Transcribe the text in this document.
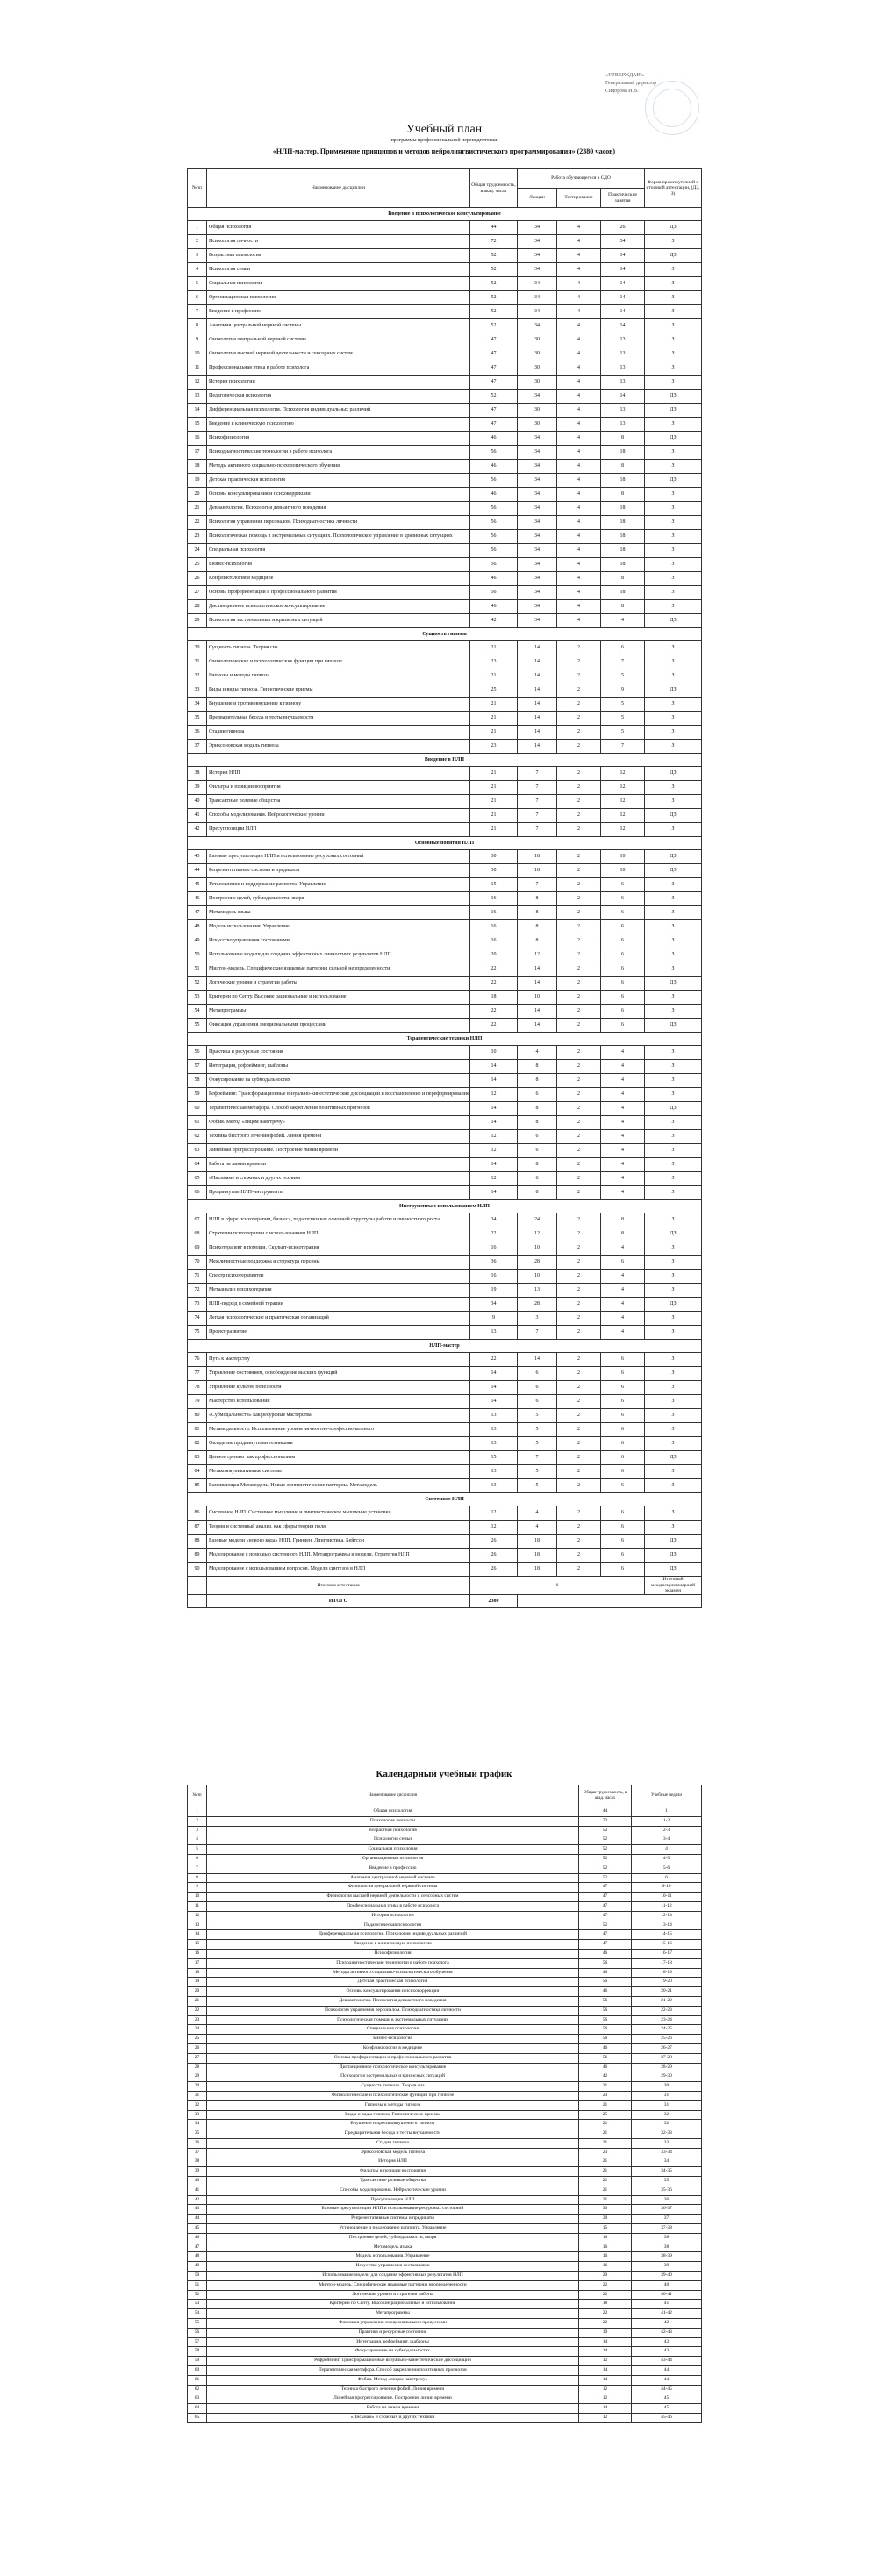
«УТВЕРЖДАЮ»
Генеральный директор
Сидорова И.В.
Учебный план
программы профессиональной переподготовки
«НЛП-мастер. Применение принципов и методов нейролингвистического программирования» (2380 часов)
№пп	Наименование дисциплин	Общая трудоемкость, в акад. часах	Работа обучающегося в СДО			Форма промежуточной и итоговой аттестации, (ДЗ, З)
			Лекции	Тестирование	Практические занятия	
Введение в психологическое консультирование						
1	Общая психология	44	34	4	26	ДЗ
2	Психология личности	72	34	4	34	З
3	Возрастная психология	52	34	4	14	ДЗ
4	Психология семьи	52	34	4	14	З
5	Социальная психология	52	34	4	14	З
6	Организационная психология	52	34	4	14	З
7	Введение в профессию	52	34	4	14	З
8	Анатомия центральной нервной системы	52	34	4	14	З
9	Физиология центральной нервной системы	47	30	4	13	З
10	Физиология высшей нервной деятельности и сенсорных систем	47	30	4	13	З
11	Профессиональная этика в работе психолога	47	30	4	13	З
12	История психологии	47	30	4	13	З
13	Педагогическая психология	52	34	4	14	ДЗ
14	Дифференциальная психология. Психология индивидуальных различий	47	30	4	13	ДЗ
15	Введение в клиническую психологию	47	30	4	13	З
16	Психофизиология	46	34	4	8	ДЗ
17	Психодиагностические технологии в работе психолога	56	34	4	18	З
18	Методы активного социально-психологического обучения	46	34	4	8	З
19	Детская практическая психология	56	34	4	18	ДЗ
20	Основы консультирования и психокоррекции	46	34	4	8	З
21	Девиантология. Психология девиантного поведения	56	34	4	18	З
22	Психология управления персоналом. Психодиагностика личности	56	34	4	18	З
23	Психологическая помощь в экстремальных ситуациях. Психологическое управление в кризисных ситуациях	56	34	4	18	З
24	Специальная психология	56	34	4	18	З
25	Бизнес-психология	56	34	4	18	З
26	Конфликтология в медицине	46	34	4	8	З
27	Основы профориентации и профессионального развития	56	34	4	18	З
28	Дистанционное психологическое консультирование	46	34	4	8	З
29	Психология экстремальных и кризисных ситуаций	42	34	4	4	ДЗ
Сущность гипноза						
30	Сущность гипноза. Теория сна	21	14	2	6	З
31	Физиологические и психологические функции при гипнозе	23	14	2	7	З
32	Гипнозы и методы гипноза	21	14	2	5	З
33	Виды и виды гипноза. Гипнотические приемы	25	14	2	9	ДЗ
34	Внушение и противовнушение к гипнозу	21	14	2	5	З
35	Предварительная беседа и тесты внушаемости	21	14	2	5	З
36	Стадии гипноза	21	14	2	5	З
37	Эриксоновская модель гипноза	23	14	2	7	З
Введение в НЛП						
38	История НЛП	21	7	2	12	ДЗ
39	Фильтры и позиции восприятия	21	7	2	12	З
40	Трансактные ролевые общества	21	7	2	12	З
41	Способы моделирования. Нейрологические уровни	21	7	2	12	ДЗ
42	Пресуппозиции НЛП	21	7	2	12	З
Основные понятия НЛП						
43	Базовые пресуппозиции НЛП и использование ресурсных состояний	30	18	2	10	ДЗ
44	Репрезентативные системы и предикаты	30	18	2	10	ДЗ
45	Установление и поддержание раппорта. Управление	15	7	2	6	З
46	Построение целей, субмодальности, якоря	16	8	2	6	З
47	Метамодель языка	16	8	2	6	З
48	Модель использования. Управление	16	8	2	6	З
49	Искусство управления состояниями	16	8	2	6	З
50	Использование модели для создания эффективных личностных результатов НЛП	20	12	2	6	З
51	Милтон-модель. Специфические языковые паттерны сильной неопределенности	22	14	2	6	З
52	Логические уровни и стратегии работы	22	14	2	6	ДЗ
53	Критерии по Септу. Высокие рациональные и использование	18	10	2	6	З
54	Метапрограммы	22	14	2	6	З
55	Фиксация управления эмоциональными процессами	22	14	2	6	ДЗ
Терапевтические техники НЛП						
56	Практика и ресурсные состояния	10	4	2	4	З
57	Интеграция, рефрейминг, шаблоны	14	8	2	4	З
58	Фокусирование на субмодальностях	14	8	2	4	З
59	Рефрейминг. Трансформационные визуально-кинестетические диссоциации и восстановление и переформирование	12	6	2	4	З
60	Терапевтическая метафора. Способ закрепления позитивных прогнозов	14	8	2	4	ДЗ
61	Фобия. Метод «лицом навстречу»	14	8	2	4	З
62	Техника быстрого лечения фобий. Линия времени	12	6	2	4	З
63	Линейная прогрессирование. Построение линии времени	12	6	2	4	З
64	Работа на линии времени	14	8	2	4	З
65	«Письмам» и сложных и других техники	12	6	2	4	З
66	Продвинутые НЛП-инструменты	14	8	2	4	З
Инструменты с использованием НЛП						
67	НЛП в сфере психотерапии, бизнеса, педагогики как основной структуры работы и личностного роста	34	24	2	8	З
68	Стратегии психотерапии с использованием НЛП	22	12	2	8	ДЗ
69	Психотерапевт в помощи. Скульпт-психотерапия	16	10	2	4	З
70	Межличностные поддержка и структура персоны	36	28	2	6	З
71	Спектр психотерапевтов	16	10	2	4	З
72	Метаанализ в психотерапии	19	13	2	4	З
73	НЛП-подход в семейной терапии	34	28	2	4	ДЗ
74	Легкая психологические и практическая организаций	9	3	2	4	З
75	Проект-развитие	13	7	2	4	З
НЛП-мастер						
76	Путь к мастерству	22	14	2	6	З
77	Управление состоянием, освобождение высших функций	14	6	2	6	З
78	Управление культом полезности	14	6	2	6	З
79	Мастерство использований	14	6	2	6	З
80	«Субмодальности» как ресурсные мастерства	13	5	2	6	З
81	Метамодальность. Использование уровня личностно-профессионального	13	5	2	6	З
82	Овладение продвинутыми техниками	13	5	2	6	З
83	Ценное тренинг как профессионализм	15	7	2	6	ДЗ
84	Метакоммуникативные системы	13	5	2	6	З
85	Развивающая Метамодель. Новые лингвистические паттерны. Метамодель	13	5	2	6	З
Системное НЛП						
86	Системное НЛП. Системное мышление и лингвистическое мышление установки	12	4	2	6	З
87	Теория и системный анализ, как сферы теории поля	12	4	2	6	З
88	Базовые модели «нового кода» НЛП. Гринден. Лингвистика. Бейтсон	26	18	2	6	ДЗ
89	Моделирование с помощью системного НЛП. Метапрограммы и модели. Стратегия НЛП	26	18	2	6	ДЗ
90	Моделирование с использованием вопросов. Модели синтезов в НЛП	26	18	2	6	ДЗ
	Итоговая аттестация	6				Итоговый междисциплинарный экзамен
	ИТОГО	2380				
Календарный учебный график
№пп	Наименование дисциплин	Общая трудоемкость, в акад. часах	Учебные недели
1	Общая психология	44	1
2	Психология личности	72	1-2
3	Возрастная психология	52	2-3
4	Психология семьи	52	3-4
5	Социальная психология	52	4
6	Организационная психология	52	4-5
7	Введение в профессию	52	5-6
8	Анатомия центральной нервной системы	52	6
9	Физиология центральной нервной системы	47	6-10
10	Физиология высшей нервной деятельности и сенсорных систем	47	10-11
11	Профессиональная этика в работе психолога	47	11-12
12	История психологии	47	12-13
13	Педагогическая психология	52	13-14
14	Дифференциальная психология. Психология индивидуальных различий	47	14-15
15	Введение в клиническую психологию	47	15-16
16	Психофизиология	46	16-17
17	Психодиагностические технологии в работе психолога	56	17-18
18	Методы активного социально-психологического обучения	46	18-19
19	Детская практическая психология	56	19-20
20	Основы консультирования и психокоррекции	46	20-21
21	Девиантология. Психология девиантного поведения	56	21-22
22	Психология управления персоналом. Психодиагностика личности	56	22-23
23	Психологическая помощь в экстремальных ситуациях	56	23-24
24	Специальная психология	56	24-25
25	Бизнес-психология	56	25-26
26	Конфликтология в медицине	46	26-27
27	Основы профориентации и профессионального развития	56	27-28
28	Дистанционное психологическое консультирование	46	28-29
29	Психология экстремальных и кризисных ситуаций	42	29-30
30	Сущность гипноза. Теория сна	21	30
31	Физиологические и психологические функции при гипнозе	23	31
32	Гипнозы и методы гипноза	21	31
33	Виды и виды гипноза. Гипнотические приемы	25	32
34	Внушение и противовнушение к гипнозу	21	32
35	Предварительная беседа и тесты внушаемости	21	32-33
36	Стадии гипноза	21	33
37	Эриксоновская модель гипноза	23	33-34
38	История НЛП	21	34
39	Фильтры и позиции восприятия	21	34-35
40	Трансактные ролевые общества	21	35
41	Способы моделирования. Нейрологические уровни	21	35-36
42	Пресуппозиции НЛП	21	36
43	Базовые пресуппозиции НЛП и использование ресурсных состояний	30	36-37
44	Репрезентативные системы и предикаты	30	37
45	Установление и поддержание раппорта. Управление	15	37-38
46	Построение целей, субмодальности, якоря	16	38
47	Метамодель языка	16	38
48	Модель использования. Управление	16	38-39
49	Искусство управления состояниями	16	39
50	Использование модели для создания эффективных результатов НЛП	20	39-40
51	Милтон-модель. Специфические языковые паттерны неопределенности	22	40
52	Логические уровни и стратегии работы	22	40-41
53	Критерии по Септу. Высокие рациональные и использование	18	41
54	Метапрограммы	22	41-42
55	Фиксация управления эмоциональными процессами	22	42
56	Практика и ресурсные состояния	10	42-43
57	Интеграция, рефрейминг, шаблоны	14	43
58	Фокусирование на субмодальностях	14	43
59	Рефрейминг. Трансформационные визуально-кинестетические диссоциации	12	43-44
60	Терапевтическая метафора. Способ закрепления позитивных прогнозов	14	44
61	Фобия. Метод «лицом навстречу»	14	44
62	Техника быстрого лечения фобий. Линия времени	12	44-45
63	Линейная прогрессирование. Построение линии времени	12	45
64	Работа на линии времени	14	45
65	«Письмам» и сложных и других техники	12	45-46
